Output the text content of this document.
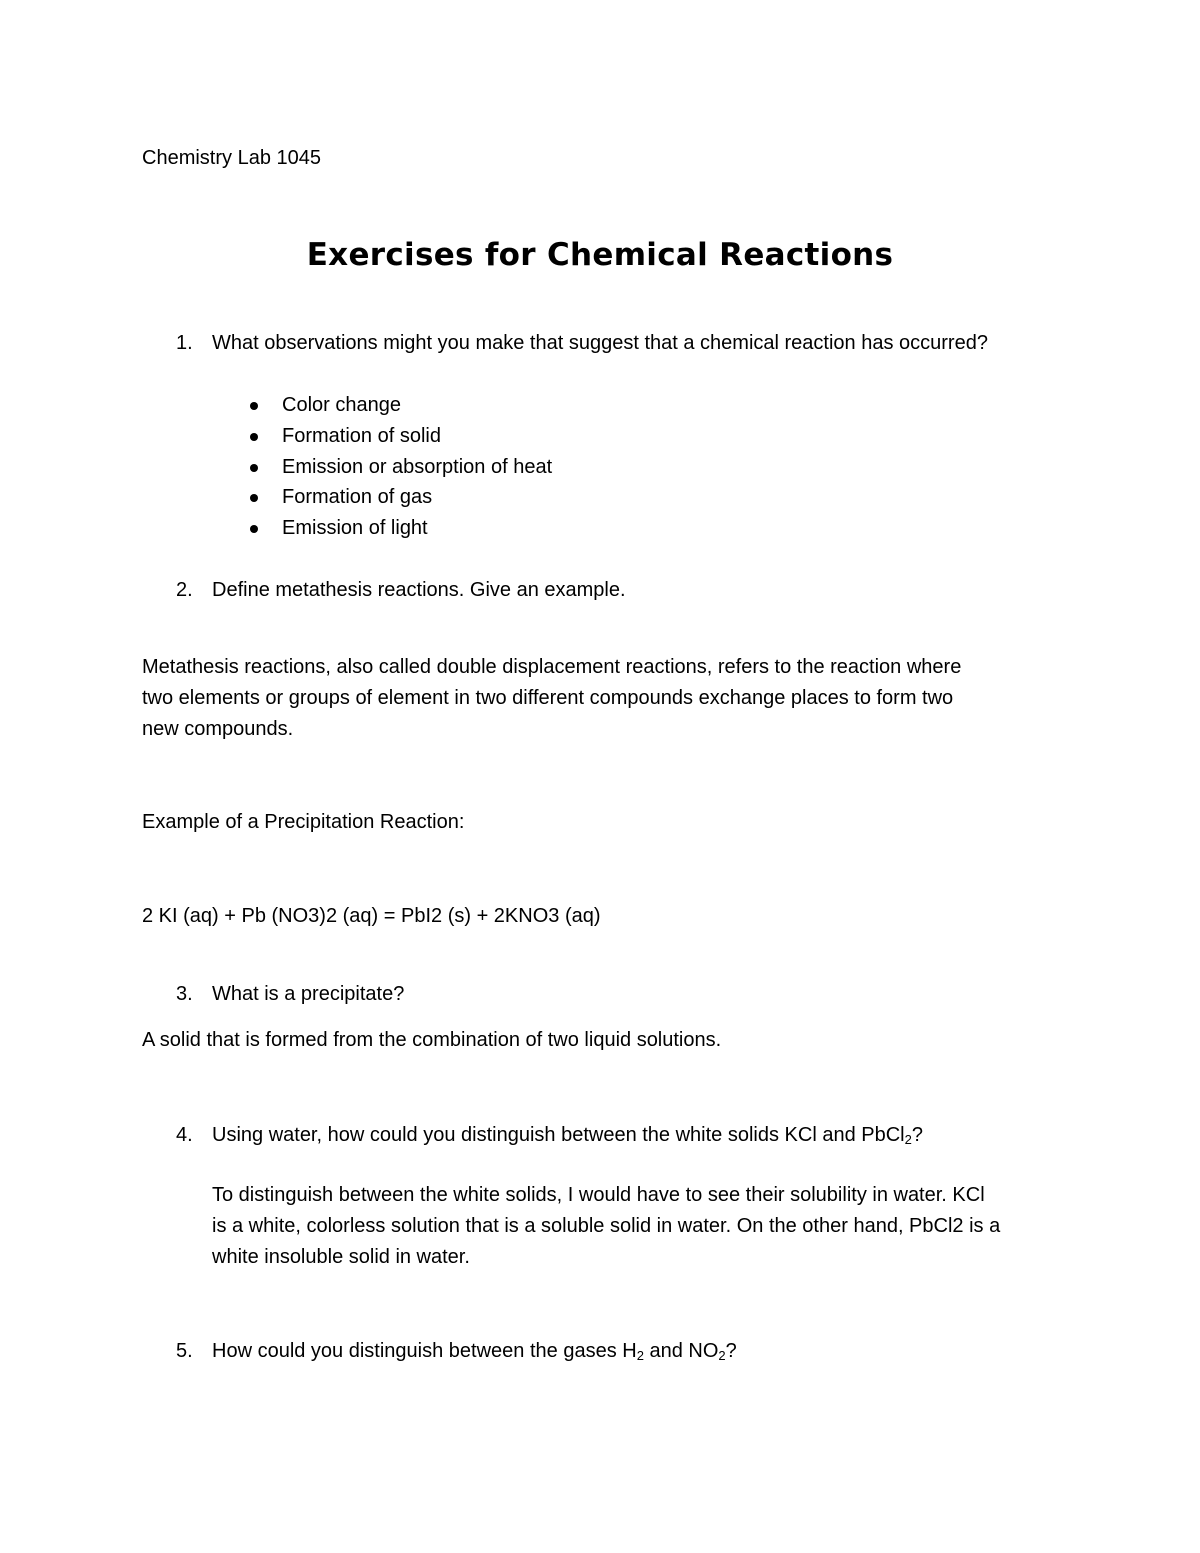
Chemistry Lab 1045
Exercises for Chemical Reactions
1. What observations might you make that suggest that a chemical reaction has occurred?
Color change
Formation of solid
Emission or absorption of heat
Formation of gas
Emission of light
2. Define metathesis reactions. Give an example.
Metathesis reactions, also called double displacement reactions, refers to the reaction where
two elements or groups of element in two different compounds exchange places to form two
new compounds.
Example of a Precipitation Reaction:
2 KI (aq) + Pb (NO3)2 (aq) = PbI2 (s) + 2KNO3 (aq)
3. What is a precipitate?
A solid that is formed from the combination of two liquid solutions.
4. Using water, how could you distinguish between the white solids KCl and PbCl$_2$?
To distinguish between the white solids, I would have to see their solubility in water. KCl
is a white, colorless solution that is a soluble solid in water. On the other hand, PbCl2 is a
white insoluble solid in water.
5. How could you distinguish between the gases $H_2$ and $NO_2$?
